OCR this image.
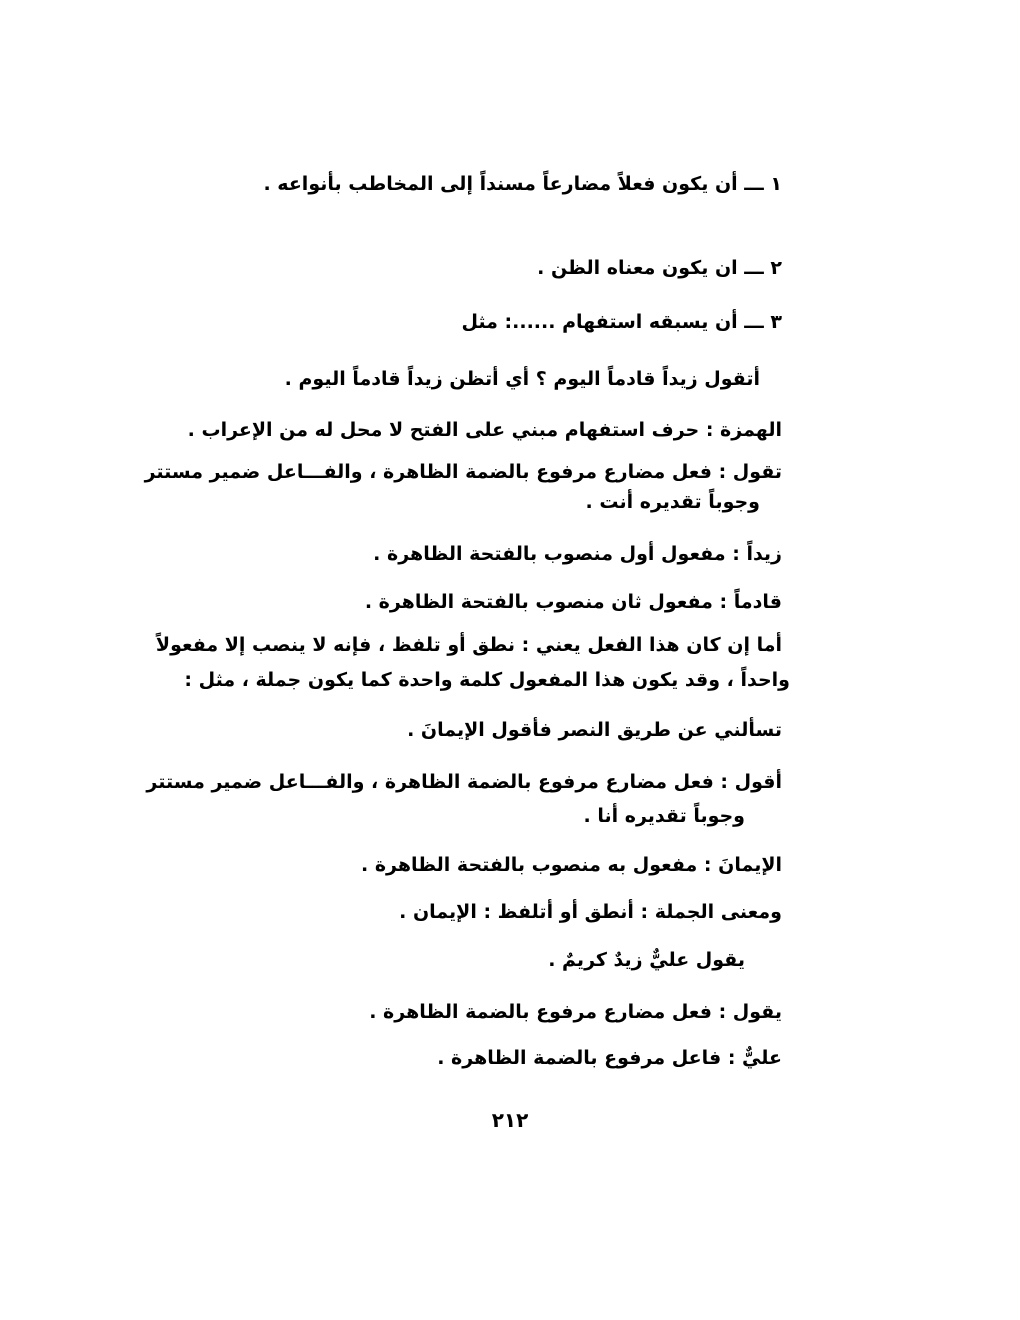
١ ـــ أن يكون فعلاً مضارعاً مسنداً إلى المخاطب بأنواعه .
٢ ـــ ان يكون معناه الظن .
٣ ـــ أن يسبقه استفهام ......: مثل
أتقول زيداً قادماً اليوم ؟ أي أتظن زيداً قادماً اليوم .
الهمزة : حرف استفهام مبني على الفتح لا محل له من الإعراب .
تقول : فعل مضارع مرفوع بالضمة الظاهرة ، والفـــاعل ضمير مستتر
وجوباً تقديره أنت .
زيداً : مفعول أول منصوب بالفتحة الظاهرة .
قادماً : مفعول ثان منصوب بالفتحة الظاهرة .
أما إن كان هذا الفعل يعني : نطق أو تلفظ ، فإنه لا ينصب إلا مفعولاً
واحداً ، وقد يكون هذا المفعول كلمة واحدة كما يكون جملة ، مثل :
تسألني عن طريق النصر فأقول الإيمانَ .
أقول : فعل مضارع مرفوع بالضمة الظاهرة ، والفـــاعل ضمير مستتر
وجوباً تقديره أنا .
الإيمانَ : مفعول به منصوب بالفتحة الظاهرة .
ومعنى الجملة : أنطق أو أتلفظ : الإيمان .
يقول عليٌّ زيدٌ كريمٌ .
يقول : فعل مضارع مرفوع بالضمة الظاهرة .
عليٌّ : فاعل مرفوع بالضمة الظاهرة .
٢١٢
